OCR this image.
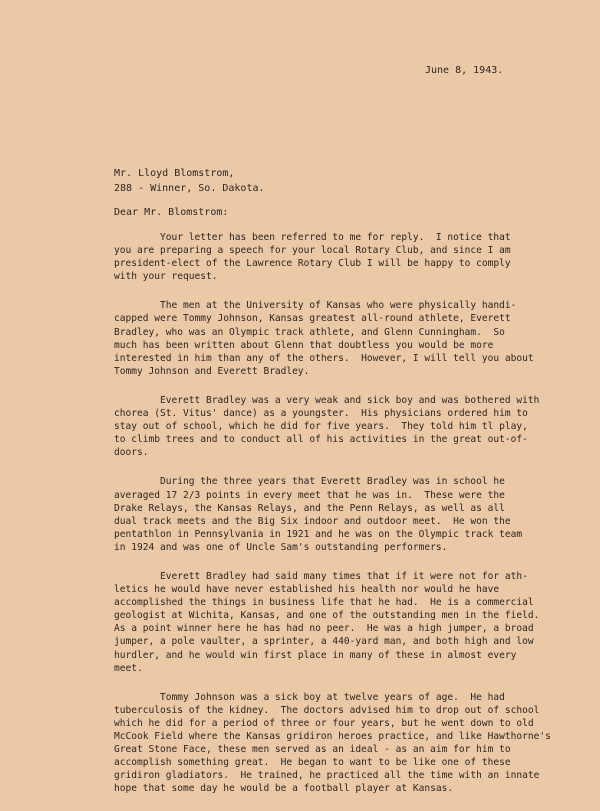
June 8, 1943.
Mr. Lloyd Blomstrom,
288 - Winner, So. Dakota.
Dear Mr. Blomstrom:
Your letter has been referred to me for reply.  I notice that
you are preparing a speech for your local Rotary Club, and since I am
president-elect of the Lawrence Rotary Club I will be happy to comply
with your request.
The men at the University of Kansas who were physically handi-
capped were Tommy Johnson, Kansas greatest all-round athlete, Everett
Bradley, who was an Olympic track athlete, and Glenn Cunningham.  So
much has been written about Glenn that doubtless you would be more
interested in him than any of the others.  However, I will tell you about
Tommy Johnson and Everett Bradley.
Everett Bradley was a very weak and sick boy and was bothered with
chorea (St. Vitus' dance) as a youngster.  His physicians ordered him to
stay out of school, which he did for five years.  They told him tl play,
to climb trees and to conduct all of his activities in the great out-of-
doors.
During the three years that Everett Bradley was in school he
averaged 17 2/3 points in every meet that he was in.  These were the
Drake Relays, the Kansas Relays, and the Penn Relays, as well as all
dual track meets and the Big Six indoor and outdoor meet.  He won the
pentathlon in Pennsylvania in 1921 and he was on the Olympic track team
in 1924 and was one of Uncle Sam's outstanding performers.
Everett Bradley had said many times that if it were not for ath-
letics he would have never established his health nor would he have
accomplished the things in business life that he had.  He is a commercial
geologist at Wichita, Kansas, and one of the outstanding men in the field.
As a point winner here he has had no peer.  He was a high jumper, a broad
jumper, a pole vaulter, a sprinter, a 440-yard man, and both high and low
hurdler, and he would win first place in many of these in almost every
meet.
Tommy Johnson was a sick boy at twelve years of age.  He had
tuberculosis of the kidney.  The doctors advised him to drop out of school
which he did for a period of three or four years, but he went down to old
McCook Field where the Kansas gridiron heroes practice, and like Hawthorne's
Great Stone Face, these men served as an ideal - as an aim for him to
accomplish something great.  He began to want to be like one of these
gridiron gladiators.  He trained, he practiced all the time with an innate
hope that some day he would be a football player at Kansas.
